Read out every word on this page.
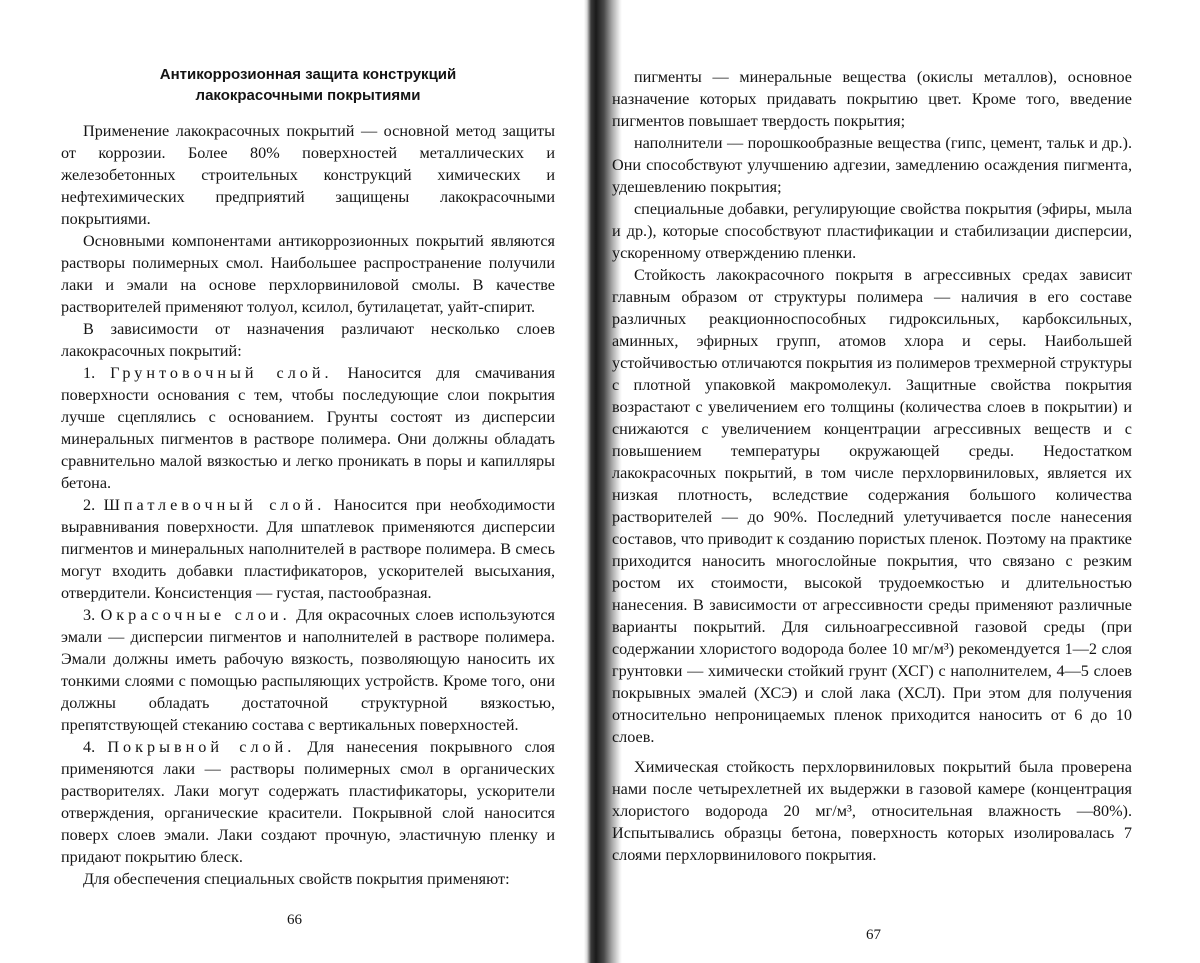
Антикоррозионная защита конструкций
лакокрасочными покрытиями

Применение лакокрасочных покрытий — основной метод защиты от коррозии. Более 80% поверхностей металлических и железобетонных строительных конструкций химических и нефтехимических предприятий защищены лакокрасочными покрытиями.

Основными компонентами антикоррозионных покрытий являются растворы полимерных смол. Наибольшее распространение получили лаки и эмали на основе перхлорвиниловой смолы. В качестве растворителей применяют толуол, ксилол, бутилацетат, уайт-спирит.

В зависимости от назначения различают несколько слоев лакокрасочных покрытий:

1. Грунтовочный слой. Наносится для смачивания поверхности основания с тем, чтобы последующие слои покрытия лучше сцеплялись с основанием. Грунты состоят из дисперсии минеральных пигментов в растворе полимера. Они должны обладать сравнительно малой вязкостью и легко проникать в поры и капилляры бетона.

2. Шпатлевочный слой. Наносится при необходимости выравнивания поверхности. Для шпатлевок применяются дисперсии пигментов и минеральных наполнителей в растворе полимера. В смесь могут входить добавки пластификаторов, ускорителей высыхания, отвердители. Консистенция — густая, пастообразная.

3. Окрасочные слои. Для окрасочных слоев используются эмали — дисперсии пигментов и наполнителей в растворе полимера. Эмали должны иметь рабочую вязкость, позволяющую наносить их тонкими слоями с помощью распыляющих устройств. Кроме того, они должны обладать достаточной структурной вязкостью, препятствующей стеканию состава с вертикальных поверхностей.

4. Покрывной слой. Для нанесения покрывного слоя применяются лаки — растворы полимерных смол в органических растворителях. Лаки могут содержать пластификаторы, ускорители отверждения, органические красители. Покрывной слой наносится поверх слоев эмали. Лаки создают прочную, эластичную пленку и придают покрытию блеск.

Для обеспечения специальных свойств покрытия применяют:

66

пигменты — минеральные вещества (окислы металлов), основное назначение которых придавать покрытию цвет. Кроме того, введение пигментов повышает твердость покрытия;

наполнители — порошкообразные вещества (гипс, цемент, тальк и др.). Они способствуют улучшению адгезии, замедлению осаждения пигмента, удешевлению покрытия;

специальные добавки, регулирующие свойства покрытия (эфиры, мыла и др.), которые способствуют пластификации и стабилизации дисперсии, ускоренному отверждению пленки.

Стойкость лакокрасочного покрытя в агрессивных средах зависит главным образом от структуры полимера — наличия в его составе различных реакционноспособных гидроксильных, карбоксильных, аминных, эфирных групп, атомов хлора и серы. Наибольшей устойчивостью отличаются покрытия из полимеров трехмерной структуры с плотной упаковкой макромолекул. Защитные свойства покрытия возрастают с увеличением его толщины (количества слоев в покрытии) и снижаются с увеличением концентрации агрессивных веществ и с повышением температуры окружающей среды. Недостатком лакокрасочных покрытий, в том числе перхлорвиниловых, является их низкая плотность, вследствие содержания большого количества растворителей — до 90%. Последний улетучивается после нанесения составов, что приводит к созданию пористых пленок. Поэтому на практике приходится наносить многослойные покрытия, что связано с резким ростом их стоимости, высокой трудоемкостью и длительностью нанесения. В зависимости от агрессивности среды применяют различные варианты покрытий. Для сильноагрессивной газовой среды (при содержании хлористого водорода более 10 мг/м³) рекомендуется 1—2 слоя грунтовки — химически стойкий грунт (ХСГ) с наполнителем, 4—5 слоев покрывных эмалей (ХСЭ) и слой лака (ХСЛ). При этом для получения относительно непроницаемых пленок приходится наносить от 6 до 10 слоев.

Химическая стойкость перхлорвиниловых покрытий была проверена нами после четырехлетней их выдержки в газовой камере (концентрация хлористого водорода 20 мг/м³, относительная влажность —80%). Испытывались образцы бетона, поверхность которых изолировалась 7 слоями перхлорвинилового покрытия.

67
